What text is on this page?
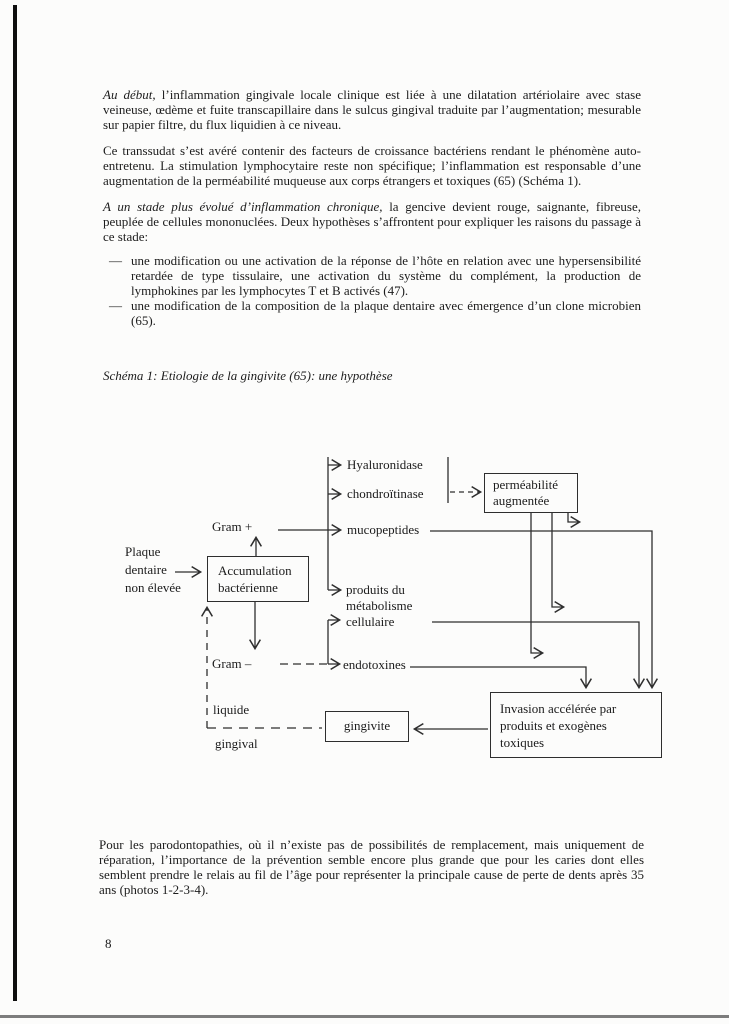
Au début, l’inflammation gingivale locale clinique est liée à une dilatation artériolaire avec stase veineuse, œdème et fuite transcapillaire dans le sulcus gingival traduite par l’augmentation; mesurable sur papier filtre, du flux liquidien à ce niveau.

Ce transsudat s’est avéré contenir des facteurs de croissance bactériens rendant le phénomène auto-entretenu. La stimulation lymphocytaire reste non spécifique; l’inflammation est responsable d’une augmentation de la perméabilité muqueuse aux corps étrangers et toxiques (65) (Schéma 1).

A un stade plus évolué d’inflammation chronique, la gencive devient rouge, saignante, fibreuse, peuplée de cellules mononuclées. Deux hypothèses s’affrontent pour expliquer les raisons du passage à ce stade:

— une modification ou une activation de la réponse de l’hôte en relation avec une hypersensibilité retardée de type tissulaire, une activation du système du complément, la production de lymphokines par les lymphocytes T et B activés (47).
— une modification de la composition de la plaque dentaire avec émergence d’un clone microbien (65).
Schéma 1: Etiologie de la gingivite (65): une hypothèse
Hyaluronidase
chondroïtinase
mucopeptides
Gram +
produits du
métabolisme
cellulaire
Plaque
dentaire
non élevée
Gram –	endotoxines
liquide
gingival
perméabilité
augmentée
Accumulation
bactérienne
gingivite
Invasion accélérée par
produits et exogènes
toxiques
Pour les parodontopathies, où il n’existe pas de possibilités de remplacement, mais uniquement de réparation, l’importance de la prévention semble encore plus grande que pour les caries dont elles semblent prendre le relais au fil de l’âge pour représenter la principale cause de perte de dents après 35 ans (photos 1-2-3-4).
8
